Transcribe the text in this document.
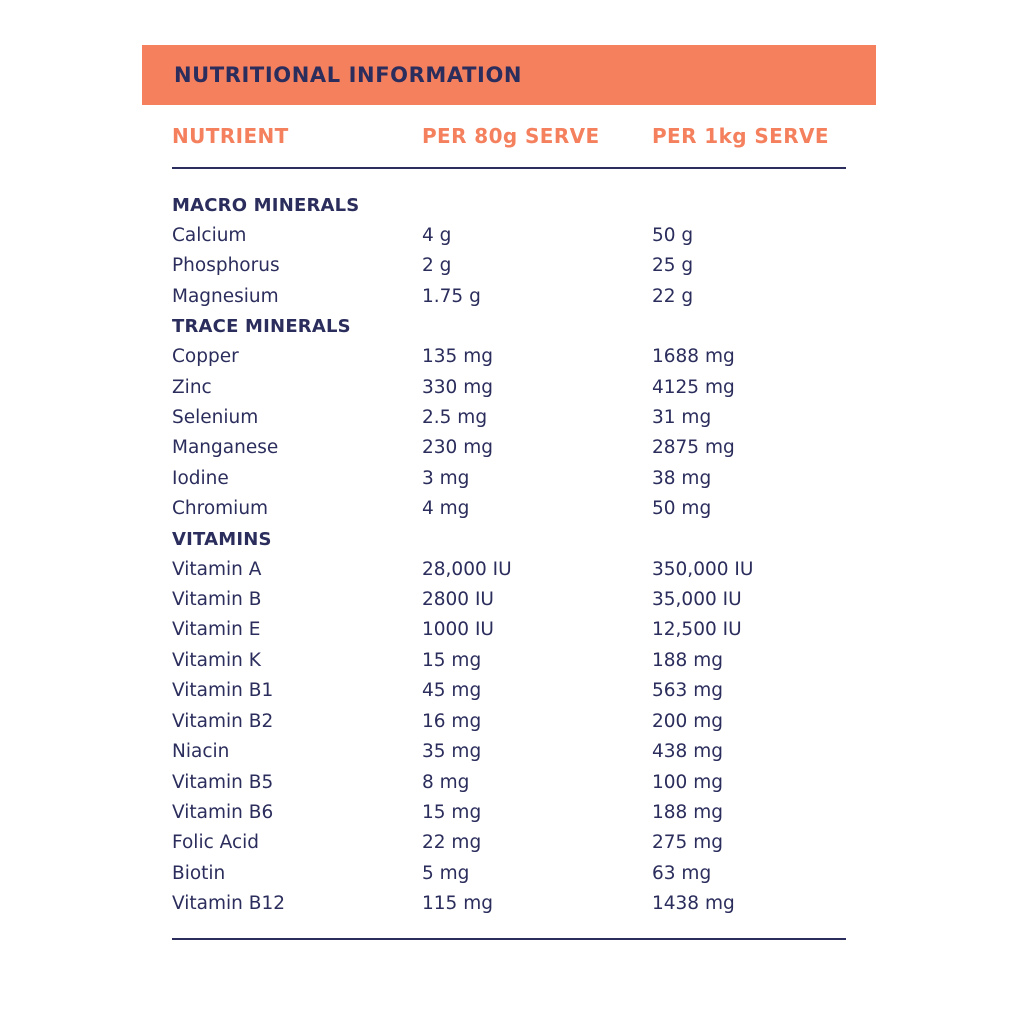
NUTRITIONAL INFORMATION
NUTRIENT	PER 80g SERVE	PER 1kg SERVE
MACRO MINERALS
Calcium	4 g	50 g
Phosphorus	2 g	25 g
Magnesium	1.75 g	22 g
TRACE MINERALS
Copper	135 mg	1688 mg
Zinc	330 mg	4125 mg
Selenium	2.5 mg	31 mg
Manganese	230 mg	2875 mg
Iodine	3 mg	38 mg
Chromium	4 mg	50 mg
VITAMINS
Vitamin A	28,000 IU	350,000 IU
Vitamin B	2800 IU	35,000 IU
Vitamin E	1000 IU	12,500 IU
Vitamin K	15 mg	188 mg
Vitamin B1	45 mg	563 mg
Vitamin B2	16 mg	200 mg
Niacin	35 mg	438 mg
Vitamin B5	8 mg	100 mg
Vitamin B6	15 mg	188 mg
Folic Acid	22 mg	275 mg
Biotin	5 mg	63 mg
Vitamin B12	115 mg	1438 mg
